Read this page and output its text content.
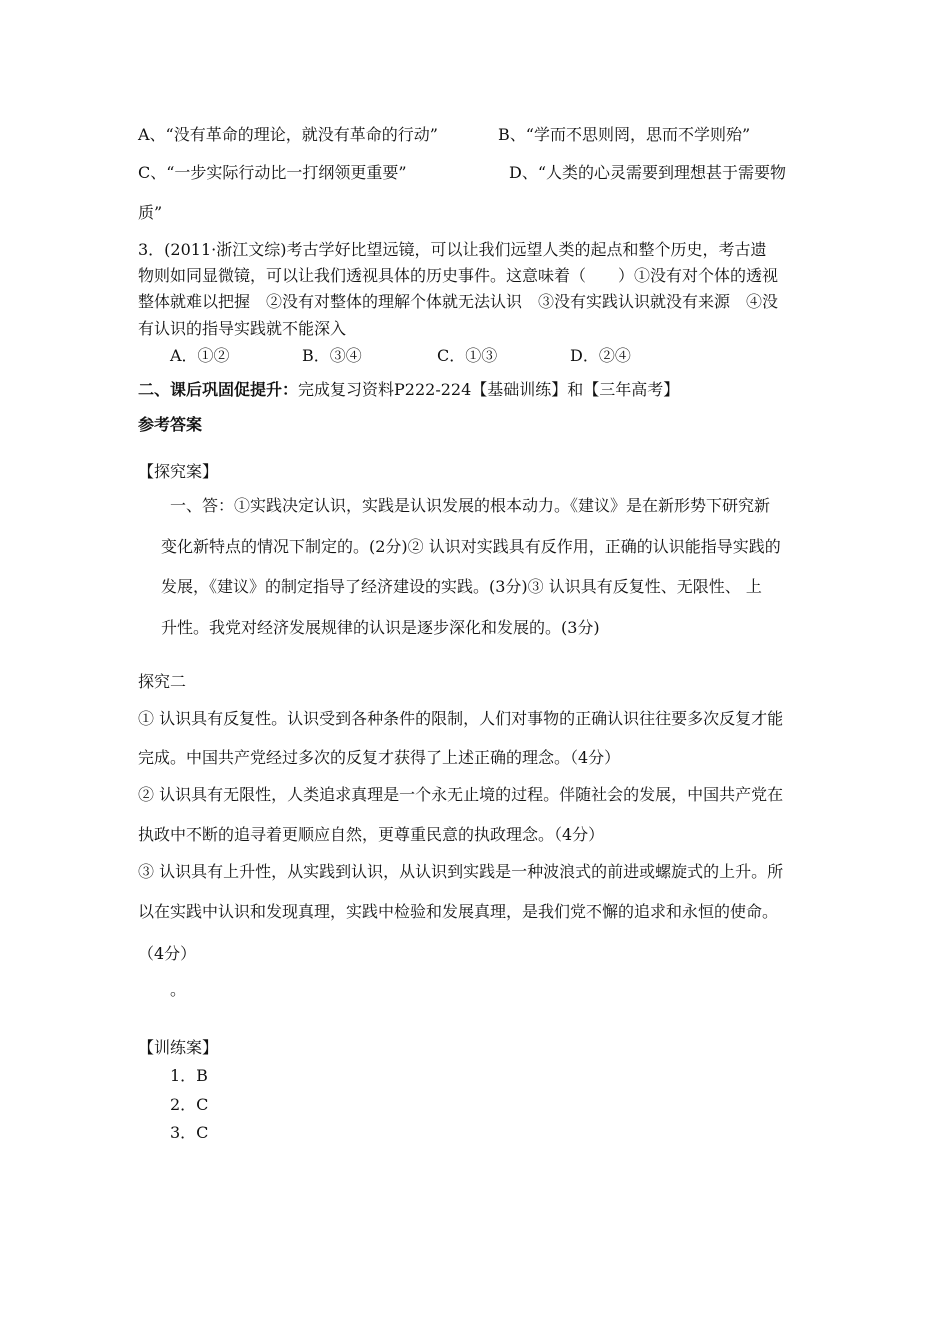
A、“没有革命的理论，就没有革命的行动”	B、“学而不思则罔，思而不学则殆”
C、“一步实际行动比一打纲领更重要”	D、“人类的心灵需要到理想甚于需要物
质”
3．(2011·浙江文综)考古学好比望远镜，可以让我们远望人类的起点和整个历史，考古遗
物则如同显微镜，可以让我们透视具体的历史事件。这意味着（　　）①没有对个体的透视
整体就难以把握　②没有对整体的理解个体就无法认识　③没有实践认识就没有来源　④没
有认识的指导实践就不能深入
A．①②	B．③④	C．①③	D．②④
二、课后巩固促提升：完成复习资料P222-224【基础训练】和【三年高考】
参考答案
【探究案】
一、答：①实践决定认识，实践是认识发展的根本动力。《建议》是在新形势下研究新
变化新特点的情况下制定的。(2分)② 认识对实践具有反作用，正确的认识能指导实践的
发展，《建议》的制定指导了经济建设的实践。(3分)③ 认识具有反复性、无限性、 上
升性。我党对经济发展规律的认识是逐步深化和发展的。(3分)
探究二
① 认识具有反复性。认识受到各种条件的限制，人们对事物的正确认识往往要多次反复才能
完成。中国共产党经过多次的反复才获得了上述正确的理念。（4分）
② 认识具有无限性，人类追求真理是一个永无止境的过程。伴随社会的发展，中国共产党在
执政中不断的追寻着更顺应自然，更尊重民意的执政理念。（4分）
③ 认识具有上升性，从实践到认识，从认识到实践是一种波浪式的前进或螺旋式的上升。所
以在实践中认识和发现真理，实践中检验和发展真理，是我们党不懈的追求和永恒的使命。
（4分）
。
【训练案】
1．B
2．C
3．C
